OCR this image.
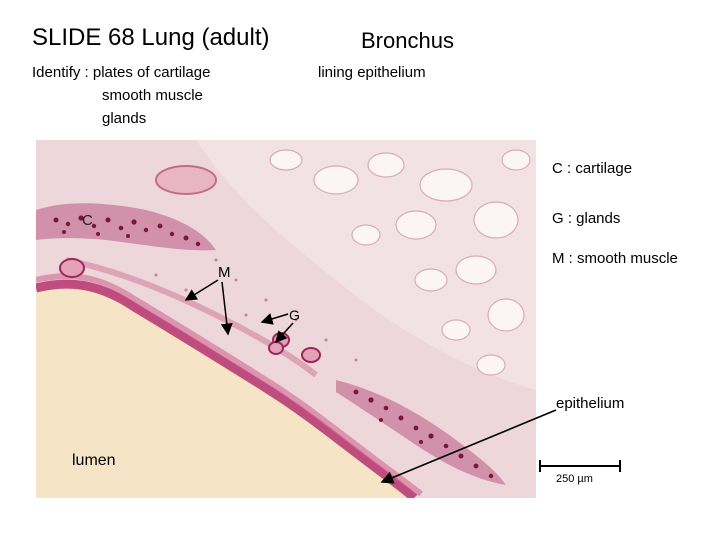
SLIDE 68 Lung (adult)	Bronchus
Identify : plates of cartilage	lining epithelium
smooth muscle
glands
C : cartilage
G : glands
M : smooth muscle
C
M
G
epithelium
lumen
250 µm
